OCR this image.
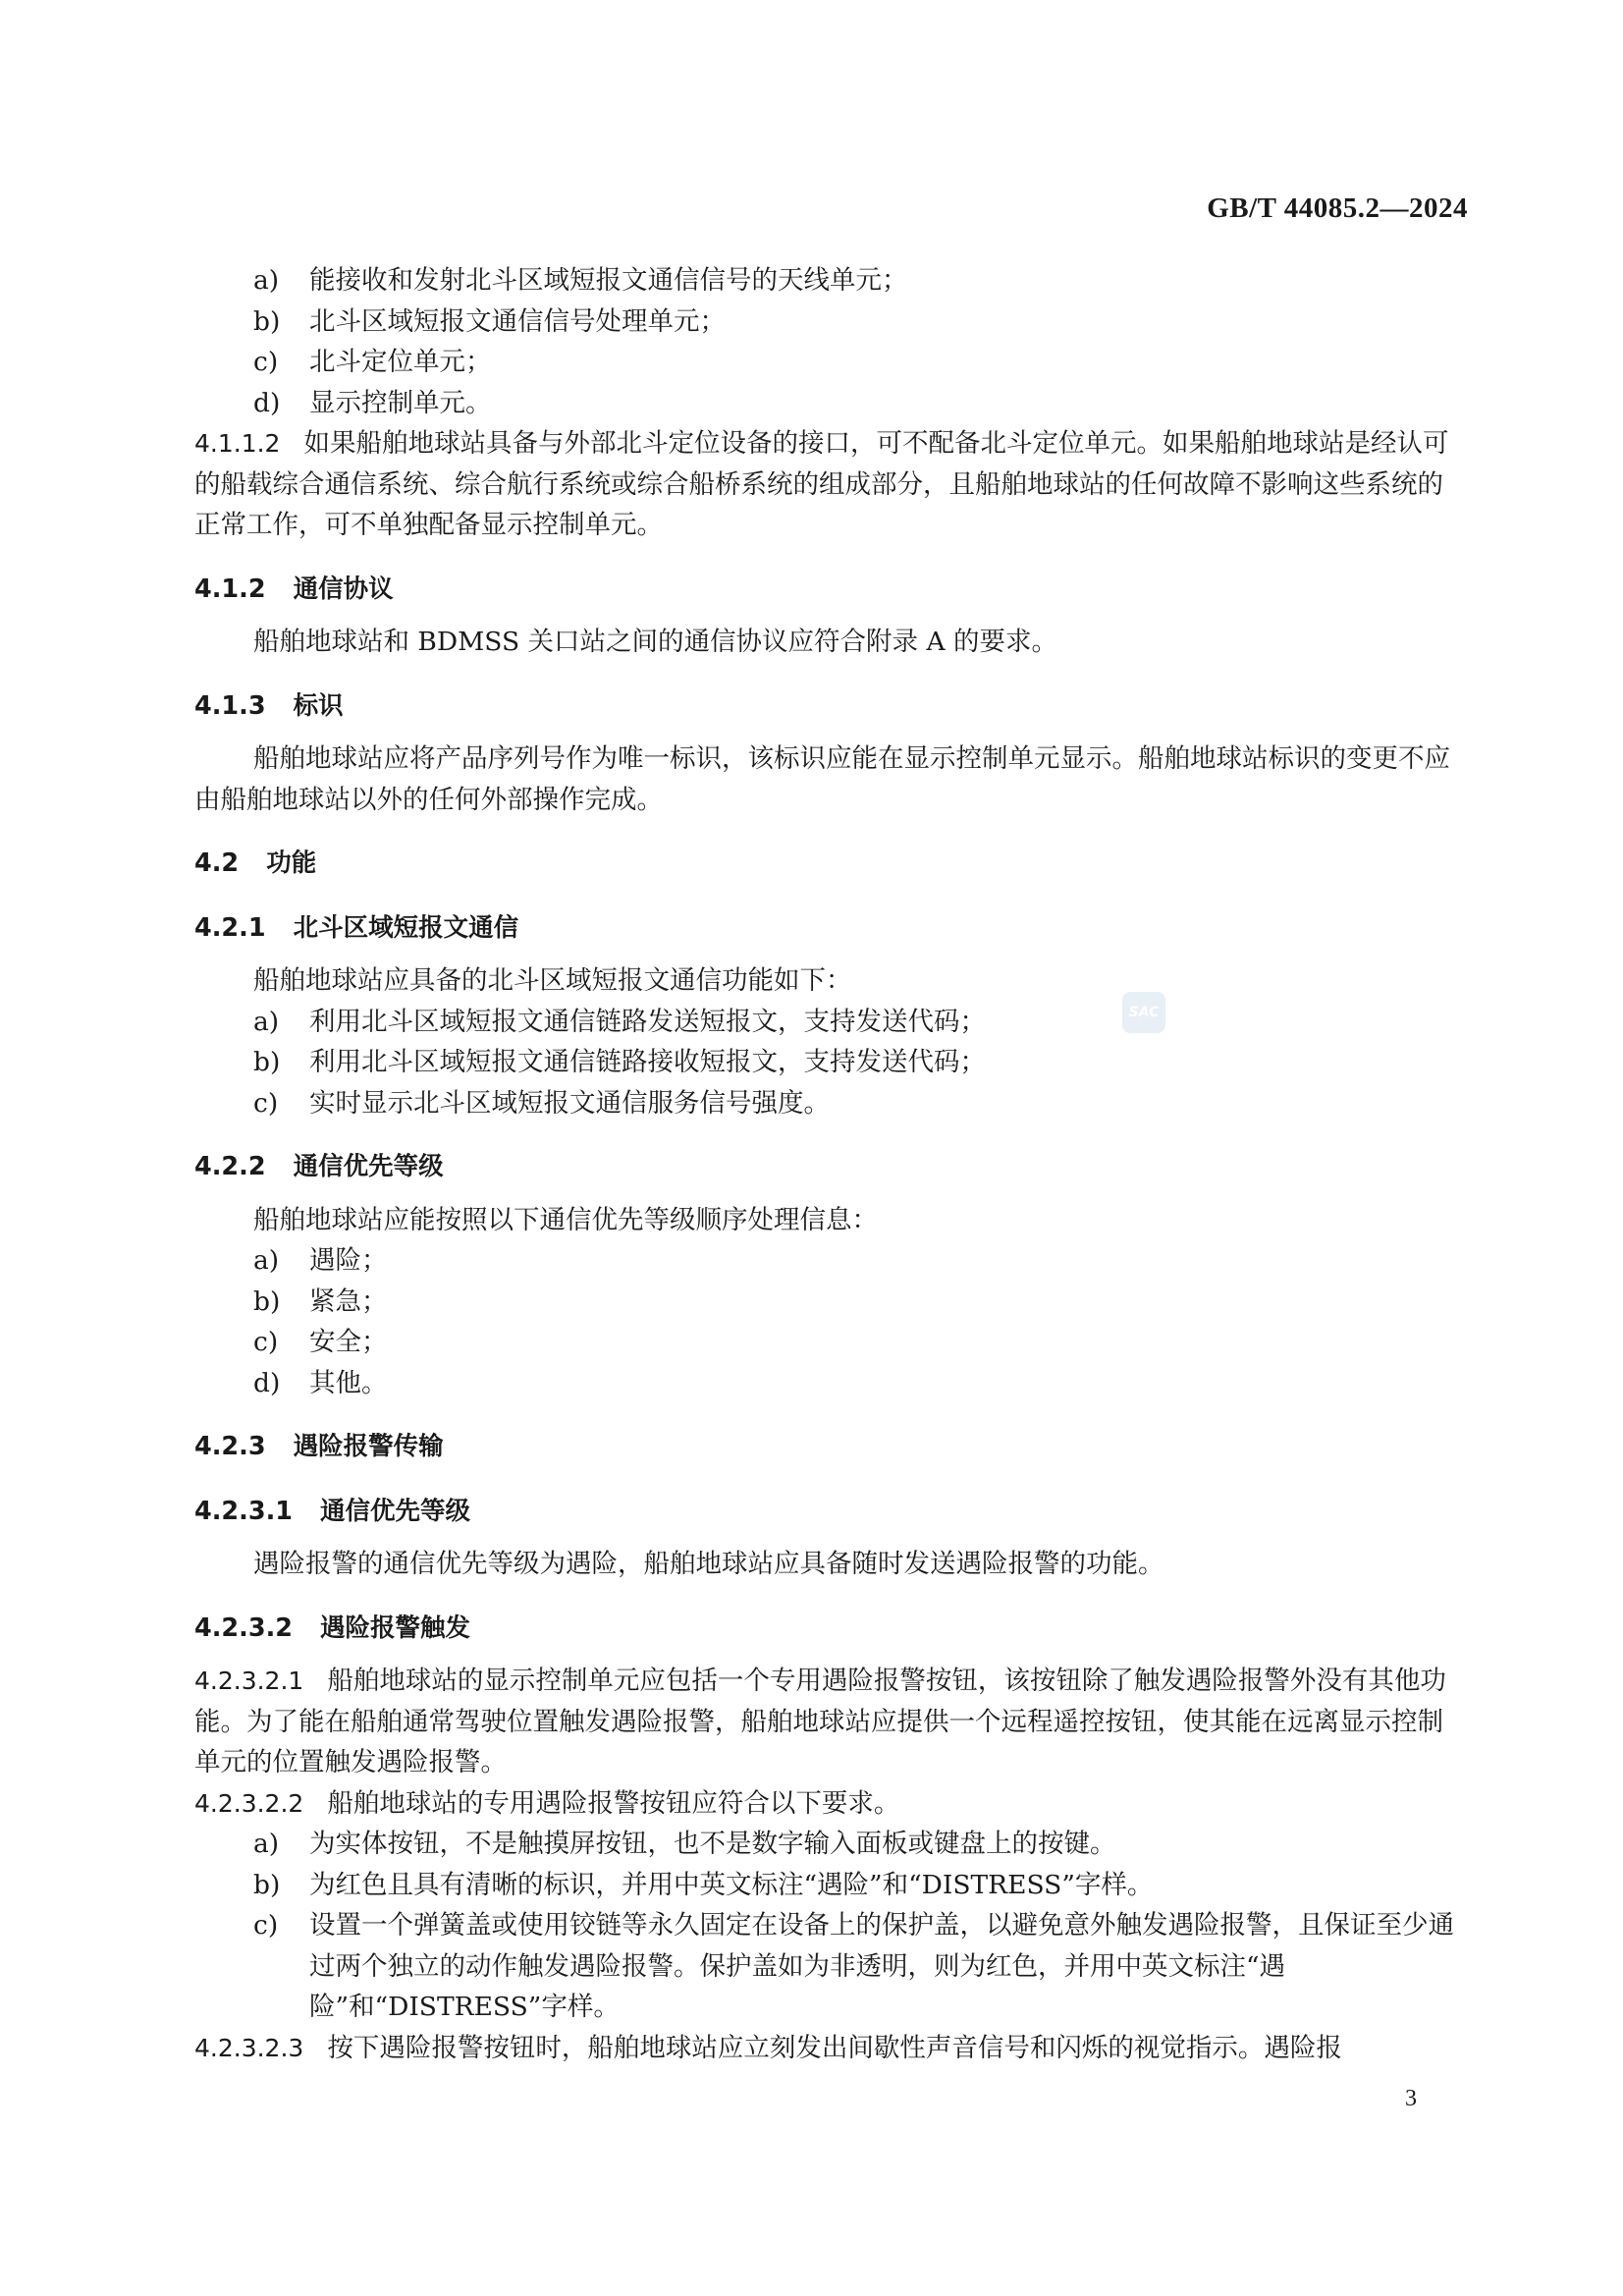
GB/T 44085.2—2024
a) 能接收和发射北斗区域短报文通信信号的天线单元；
b) 北斗区域短报文通信信号处理单元；
c) 北斗定位单元；
d) 显示控制单元。
4.1.1.2 如果船舶地球站具备与外部北斗定位设备的接口，可不配备北斗定位单元。如果船舶地球站是经认可的船载综合通信系统、综合航行系统或综合船桥系统的组成部分，且船舶地球站的任何故障不影响这些系统的正常工作，可不单独配备显示控制单元。
4.1.2 通信协议
船舶地球站和 BDMSS 关口站之间的通信协议应符合附录 A 的要求。
4.1.3 标识
船舶地球站应将产品序列号作为唯一标识，该标识应能在显示控制单元显示。船舶地球站标识的变更不应由船舶地球站以外的任何外部操作完成。
4.2 功能
4.2.1 北斗区域短报文通信
船舶地球站应具备的北斗区域短报文通信功能如下：
a) 利用北斗区域短报文通信链路发送短报文，支持发送代码；
b) 利用北斗区域短报文通信链路接收短报文，支持发送代码；
c) 实时显示北斗区域短报文通信服务信号强度。
4.2.2 通信优先等级
船舶地球站应能按照以下通信优先等级顺序处理信息：
a) 遇险；
b) 紧急；
c) 安全；
d) 其他。
4.2.3 遇险报警传输
4.2.3.1 通信优先等级
遇险报警的通信优先等级为遇险，船舶地球站应具备随时发送遇险报警的功能。
4.2.3.2 遇险报警触发
4.2.3.2.1 船舶地球站的显示控制单元应包括一个专用遇险报警按钮，该按钮除了触发遇险报警外没有其他功能。为了能在船舶通常驾驶位置触发遇险报警，船舶地球站应提供一个远程遥控按钮，使其能在远离显示控制单元的位置触发遇险报警。
4.2.3.2.2 船舶地球站的专用遇险报警按钮应符合以下要求。
a) 为实体按钮，不是触摸屏按钮，也不是数字输入面板或键盘上的按键。
b) 为红色且具有清晰的标识，并用中英文标注“遇险”和“DISTRESS”字样。
c) 设置一个弹簧盖或使用铰链等永久固定在设备上的保护盖，以避免意外触发遇险报警，且保证至少通过两个独立的动作触发遇险报警。保护盖如为非透明，则为红色，并用中英文标注“遇险”和“DISTRESS”字样。
4.2.3.2.3 按下遇险报警按钮时，船舶地球站应立刻发出间歇性声音信号和闪烁的视觉指示。遇险报
SAC
3
